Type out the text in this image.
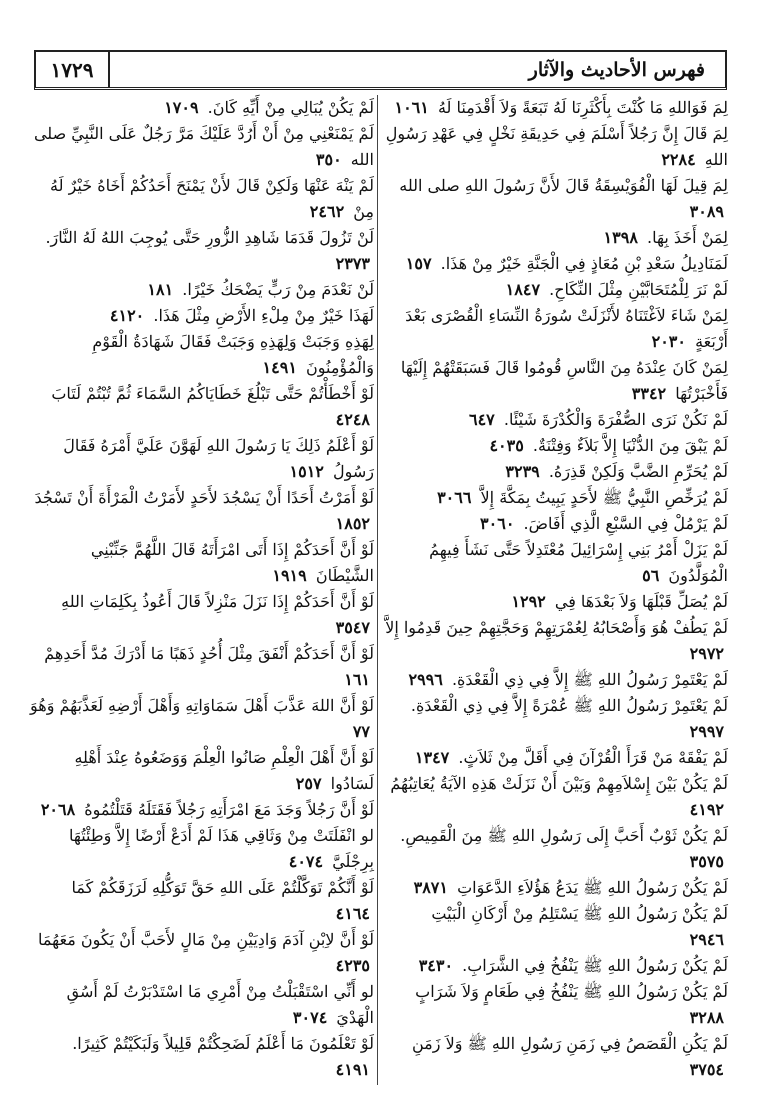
١٧٢٩	فهرس الأحاديث والآثار

لِمَ فَوَاللهِ مَا كُنْتَ بِأَكْثَرِنَا لَهُ تَبَعَةً وَلاَ أَقْدَمِنَا لَهُ ١٠٦١

لِمَ قَالَ إِنَّ رَجُلاً أَسْلَمَ فِي حَدِيقَةِ نَخْلٍ فِي عَهْدِ رَسُولِ اللهِ ٢٢٨٤

لِمَ قِيلَ لَهَا الْفُوَيْسِقَةُ قَالَ لأَنَّ رَسُولَ اللهِ صلى الله ٣٠٨٩

لِمَنْ أَخَذَ بِهَا. ١٣٩٨

لَمَنَادِيلُ سَعْدِ بْنِ مُعَاذٍ فِي الْجَنَّةِ خَيْرٌ مِنْ هَذَا. ١٥٧

لَمْ نَرَ لِلْمُتَحَابَّيْنِ مِثْلَ النِّكَاحِ. ١٨٤٧

لِمَنْ شَاءَ لاَغْتَنَاهُ لأَنْزَلَتْ سُورَةُ النِّسَاءِ الْقُصْرَى بَعْدَ أَرْبَعَةٍ ٢٠٣٠

لِمَنْ كَانَ عِنْدَهُ مِنَ النَّاسِ قُومُوا قَالَ فَسَبَقَتْهُمْ إِلَيْهَا فَأَخْبَرْتُهَا ٣٣٤٢

لَمْ نَكُنْ نَرَى الصُّفْرَةَ وَالْكُدْرَةَ شَيْئًا. ٦٤٧

لَمْ يَبْقَ مِنَ الدُّنْيَا إِلاَّ بَلاَءٌ وَفِتْنَةٌ. ٤٠٣٥

لَمْ يُحَرِّمِ الضَّبَّ وَلَكِنْ قَذِرَهُ. ٣٢٣٩

لَمْ يُرَخِّصِ النَّبِيُّ ﷺ لأَحَدٍ يَبِيتُ بِمَكَّةَ إِلاَّ ٣٠٦٦

لَمْ يَرْمُلْ فِي السَّبْعِ الَّذِي أَفَاضَ. ٣٠٦٠

لَمْ يَزَلْ أَمْرُ بَنِي إِسْرَائِيلَ مُعْتَدِلاً حَتَّى نَشَأَ فِيهِمُ الْمُوَلَّدُونَ ٥٦

لَمْ يُصَلِّ قَبْلَهَا وَلاَ بَعْدَهَا فِي ١٢٩٢

لَمْ يَطُفْ هُوَ وَأَصْحَابُهُ لِعُمْرَتِهِمْ وَحَجَّتِهِمْ حِينَ قَدِمُوا إِلاَّ ٢٩٧٢

لَمْ يَعْتَمِرْ رَسُولُ اللهِ ﷺ إِلاَّ فِي ذِي الْقَعْدَةِ. ٢٩٩٦

لَمْ يَعْتَمِرْ رَسُولُ اللهِ ﷺ عُمْرَةً إِلاَّ فِي ذِي الْقَعْدَةِ. ٢٩٩٧

لَمْ يَفْقَهْ مَنْ قَرَأَ الْقُرْآنَ فِي أَقَلَّ مِنْ ثَلاَثٍ. ١٣٤٧

لَمْ يَكُنْ بَيْنَ إِسْلاَمِهِمْ وَبَيْنَ أَنْ نَزَلَتْ هَذِهِ الآيَةُ يُعَاتِبُهُمُ ٤١٩٢

لَمْ يَكُنْ ثَوْبٌ أَحَبَّ إِلَى رَسُولِ اللهِ ﷺ مِنَ الْقَمِيصِ. ٣٥٧٥

لَمْ يَكُنْ رَسُولُ اللهِ ﷺ يَدَعُ هَؤُلاَءِ الدَّعَوَاتِ ٣٨٧١

لَمْ يَكُنْ رَسُولُ اللهِ ﷺ يَسْتَلِمُ مِنْ أَرْكَانِ الْبَيْتِ ٢٩٤٦

لَمْ يَكُنْ رَسُولُ اللهِ ﷺ يَنْفُخُ فِي الشَّرَابِ. ٣٤٣٠

لَمْ يَكُنْ رَسُولُ اللهِ ﷺ يَنْفُخُ فِي طَعَامٍ وَلاَ شَرَابٍ ٣٢٨٨

لَمْ يَكُنِ الْقَصَصُ فِي زَمَنِ رَسُولِ اللهِ ﷺ وَلاَ زَمَنِ ٣٧٥٤

لَمْ يَكُنْ يُبَالِي مِنْ أَيِّهِ كَانَ. ١٧٠٩

لَمْ يَمْنَعْنِي مِنْ أَنْ أَرُدَّ عَلَيْكَ مَرَّ رَجُلٌ عَلَى النَّبِيِّ صلى الله ٣٥٠

لَمْ يَنْهَ عَنْهَا وَلَكِنْ قَالَ لأَنْ يَمْنَحَ أَحَدُكُمْ أَخَاهُ خَيْرٌ لَهُ مِنْ ٢٤٦٢

لَنْ تَزُولَ قَدَمَا شَاهِدِ الزُّورِ حَتَّى يُوجِبَ اللهُ لَهُ النَّارَ. ٢٣٧٣

لَنْ نَعْدَمَ مِنْ رَبٍّ يَضْحَكُ خَيْرًا. ١٨١

لَهَذَا خَيْرٌ مِنْ مِلْءِ الأَرْضِ مِثْلَ هَذَا. ٤١٢٠

لِهَذِهِ وَجَبَتْ وَلِهَذِهِ وَجَبَتْ فَقَالَ شَهَادَةُ الْقَوْمِ وَالْمُؤْمِنُونَ ١٤٩١

لَوْ أَخْطَأْتُمْ حَتَّى تَبْلُغَ خَطَايَاكُمُ السَّمَاءَ ثُمَّ تُبْتُمْ لَتَابَ ٤٢٤٨

لَوْ أَعْلَمُ ذَلِكَ يَا رَسُولَ اللهِ لَهَوَّنَ عَلَيَّ أَمْرَهُ فَقَالَ رَسُولُ ١٥١٢

لَوْ أَمَرْتُ أَحَدًا أَنْ يَسْجُدَ لأَحَدٍ لأَمَرْتُ الْمَرْأَةَ أَنْ تَسْجُدَ ١٨٥٢

لَوْ أَنَّ أَحَدَكُمْ إِذَا أَتَى امْرَأَتَهُ قَالَ اللَّهُمَّ جَنِّبْنِي الشَّيْطَانَ ١٩١٩

لَوْ أَنَّ أَحَدَكُمْ إِذَا نَزَلَ مَنْزِلاً قَالَ أَعُوذُ بِكَلِمَاتِ اللهِ ٣٥٤٧

لَوْ أَنَّ أَحَدَكُمْ أَنْفَقَ مِثْلَ أُحُدٍ ذَهَبًا مَا أَدْرَكَ مُدَّ أَحَدِهِمْ ١٦١

لَوْ أَنَّ اللهَ عَذَّبَ أَهْلَ سَمَاوَاتِهِ وَأَهْلَ أَرْضِهِ لَعَذَّبَهُمْ وَهُوَ ٧٧

لَوْ أَنَّ أَهْلَ الْعِلْمِ صَانُوا الْعِلْمَ وَوَضَعُوهُ عِنْدَ أَهْلِهِ لَسَادُوا ٢٥٧

لَوْ أَنَّ رَجُلاً وَجَدَ مَعَ امْرَأَتِهِ رَجُلاً فَقَتَلَهُ قَتَلْتُمُوهُ ٢٠٦٨

لو انْفَلَتَتْ مِنْ وَثَاقِي هَذَا لَمْ أَدَعْ أَرْضًا إِلاَّ وَطِئْتُهَا بِرِجْلَيَّ ٤٠٧٤

لَوْ أَنَّكُمْ تَوَكَّلْتُمْ عَلَى اللهِ حَقَّ تَوَكُّلِهِ لَرَزَقَكُمْ كَمَا ٤١٦٤

لَوْ أَنَّ لاِبْنِ آدَمَ وَادِيَيْنِ مِنْ مَالٍ لأَحَبَّ أَنْ يَكُونَ مَعَهُمَا ٤٢٣٥

لو أَنِّي اسْتَقْبَلْتُ مِنْ أَمْرِي مَا اسْتَدْبَرْتُ لَمْ أَسُقِ الْهَدْيَ ٣٠٧٤

لَوْ تَعْلَمُونَ مَا أَعْلَمُ لَضَحِكْتُمْ قَلِيلاً وَلَبَكَيْتُمْ كَثِيرًا. ٤١٩١
